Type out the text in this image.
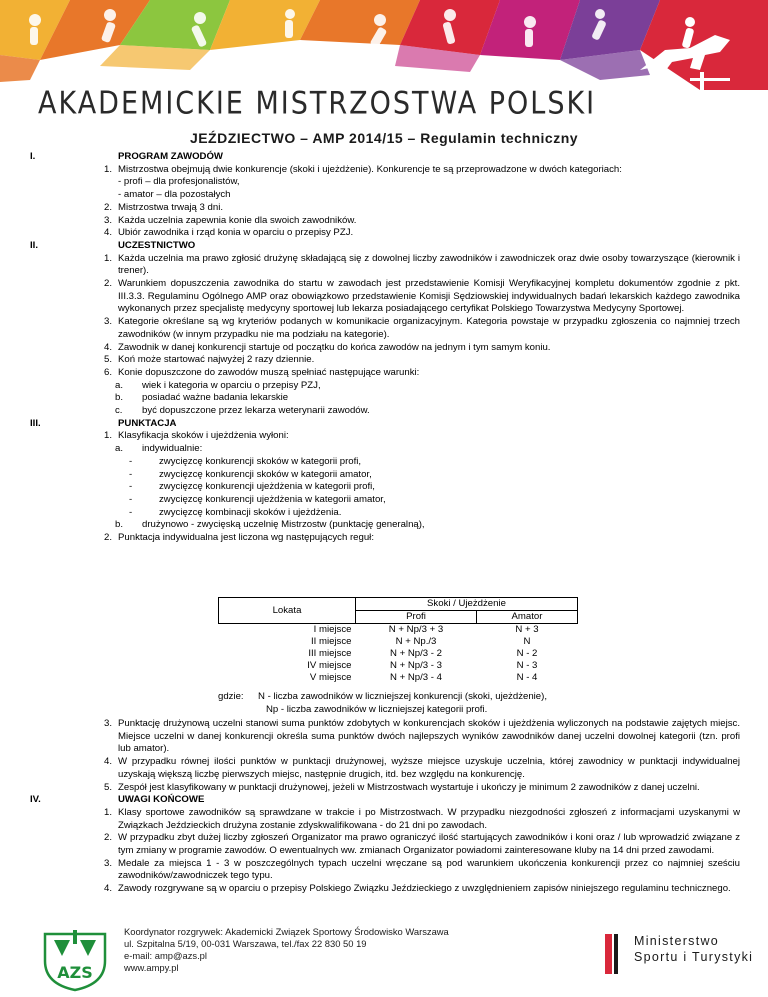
AKADEMICKIE MISTRZOSTWA POLSKI
JEŹDZIECTWO – AMP 2014/15 – Regulamin techniczny
I.	PROGRAM ZAWODÓW
1. Mistrzostwa obejmują dwie konkurencje (skoki i ujeżdżenie). Konkurencje te są przeprowadzone w dwóch kategoriach:
- profi – dla profesjonalistów,
- amator – dla pozostałych
2. Mistrzostwa trwają 3 dni.
3. Każda uczelnia zapewnia konie dla swoich zawodników.
4. Ubiór zawodnika i rząd konia w oparciu o przepisy PZJ.
II.	UCZESTNICTWO
1. Każda uczelnia ma prawo zgłosić drużynę składającą się z dowolnej liczby zawodników i zawodniczek oraz dwie osoby towarzyszące (kierownik i trener).
2. Warunkiem dopuszczenia zawodnika do startu w zawodach jest przedstawienie Komisji Weryfikacyjnej kompletu dokumentów zgodnie z pkt. III.3.3. Regulaminu Ogólnego AMP oraz obowiązkowo przedstawienie Komisji Sędziowskiej indywidualnych badań lekarskich każdego zawodnika wykonanych przez specjalistę medycyny sportowej lub lekarza posiadającego certyfikat Polskiego Towarzystwa Medycyny Sportowej.
3. Kategorie określane są wg kryteriów podanych w komunikacie organizacyjnym. Kategoria powstaje w przypadku zgłoszenia co najmniej trzech zawodników (w innym przypadku nie ma podziału na kategorie).
4. Zawodnik w danej konkurencji startuje od początku do końca zawodów na jednym i tym samym koniu.
5. Koń może startować najwyżej 2 razy dziennie.
6. Konie dopuszczone do zawodów muszą spełniać następujące warunki:
a. wiek i kategoria w oparciu o przepisy PZJ,
b. posiadać ważne badania lekarskie
c. być dopuszczone przez lekarza weterynarii zawodów.
III.	PUNKTACJA
1. Klasyfikacja skoków i ujeżdżenia wyłoni:
a. indywidualnie:
-	zwycięzcę konkurencji skoków w kategorii profi,
-	zwycięzcę konkurencji skoków w kategorii amator,
-	zwycięzcę konkurencji ujeżdżenia w kategorii profi,
-	zwycięzcę konkurencji ujeżdżenia w kategorii amator,
-	zwycięzcę kombinacji skoków i ujeżdżenia.
b. drużynowo - zwycięską uczelnię Mistrzostw (punktację generalną),
2. Punktacja indywidualna jest liczona wg następujących reguł:
Lokata	Skoki / Ujeżdżenie	
	Profi	Amator
I miejsce	N + Np/3 + 3	N + 3
II miejsce	N + Np./3	N
III miejsce	N + Np/3 - 2	N - 2
IV miejsce	N + Np/3 - 3	N - 3
V miejsce	N + Np/3 - 4	N - 4
gdzie: N - liczba zawodników w liczniejszej konkurencji (skoki, ujeżdżenie),
Np - liczba zawodników w liczniejszej kategorii profi.
3. Punktację drużynową uczelni stanowi suma punktów zdobytych w konkurencjach skoków i ujeżdżenia wyliczonych na podstawie zajętych miejsc. Miejsce uczelni w danej konkurencji określa suma punktów dwóch najlepszych wyników zawodników danej uczelni dowolnej kategorii (tzn. profi lub amator).
4. W przypadku równej ilości punktów w punktacji drużynowej, wyższe miejsce uzyskuje uczelnia, której zawodnicy w punktacji indywidualnej uzyskają większą liczbę pierwszych miejsc, następnie drugich, itd. bez względu na konkurencję.
5. Zespół jest klasyfikowany w punktacji drużynowej, jeżeli w Mistrzostwach wystartuje i ukończy je minimum 2 zawodników z danej uczelni.
IV.	UWAGI KOŃCOWE
1. Klasy sportowe zawodników są sprawdzane w trakcie i po Mistrzostwach. W przypadku niezgodności zgłoszeń z informacjami uzyskanymi w Związkach Jeździeckich drużyna zostanie zdyskwalifikowana - do 21 dni po zawodach.
2. W przypadku zbyt dużej liczby zgłoszeń Organizator ma prawo ograniczyć ilość startujących zawodników i koni oraz / lub wprowadzić związane z tym zmiany w programie zawodów. O ewentualnych ww. zmianach Organizator powiadomi zainteresowane kluby na 14 dni przed zawodami.
3. Medale za miejsca 1 - 3 w poszczególnych typach uczelni wręczane są pod warunkiem ukończenia konkurencji przez co najmniej sześciu zawodników/zawodniczek tego typu.
4. Zawody rozgrywane są w oparciu o przepisy Polskiego Związku Jeździeckiego z uwzględnieniem zapisów niniejszego regulaminu technicznego.
AZS
Koordynator rozgrywek: Akademicki Związek Sportowy Środowisko Warszawa
ul. Szpitalna 5/19, 00-031 Warszawa, tel./fax 22 830 50 19
e-mail: amp@azs.pl
www.ampy.pl
Ministerstwo
Sportu i Turystyki
